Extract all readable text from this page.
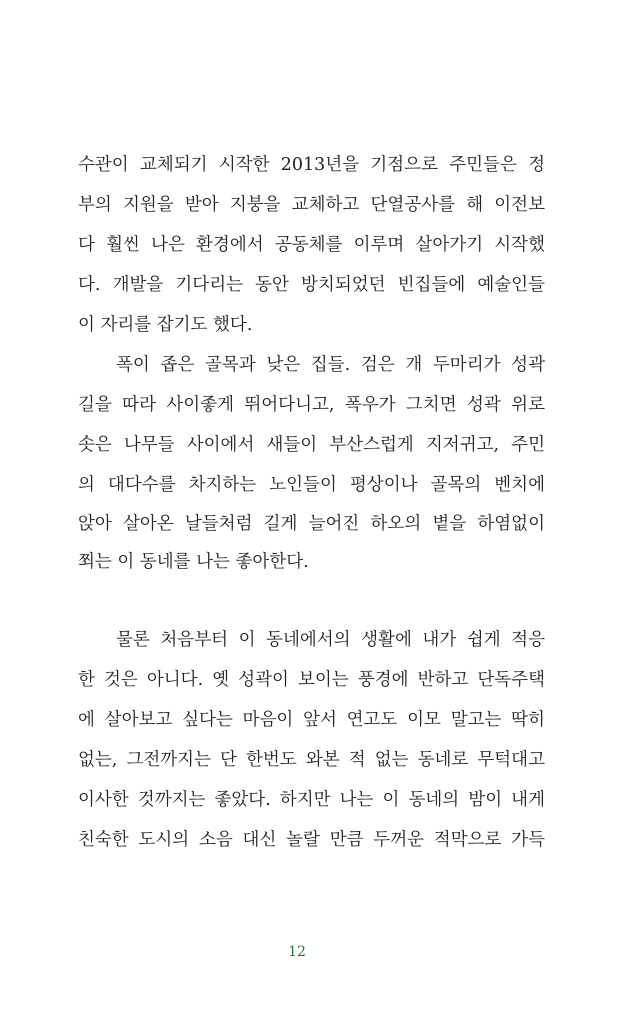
수관이 교체되기 시작한 2013년을 기점으로 주민들은 정
부의 지원을 받아 지붕을 교체하고 단열공사를 해 이전보
다 훨씬 나은 환경에서 공동체를 이루며 살아가기 시작했
다. 개발을 기다리는 동안 방치되었던 빈집들에 예술인들
이 자리를 잡기도 했다.
폭이 좁은 골목과 낮은 집들. 검은 개 두마리가 성곽
길을 따라 사이좋게 뛰어다니고, 폭우가 그치면 성곽 위로
솟은 나무들 사이에서 새들이 부산스럽게 지저귀고, 주민
의 대다수를 차지하는 노인들이 평상이나 골목의 벤치에
앉아 살아온 날들처럼 길게 늘어진 하오의 볕을 하염없이
쬐는 이 동네를 나는 좋아한다.
물론 처음부터 이 동네에서의 생활에 내가 쉽게 적응
한 것은 아니다. 옛 성곽이 보이는 풍경에 반하고 단독주택
에 살아보고 싶다는 마음이 앞서 연고도 이모 말고는 딱히
없는, 그전까지는 단 한번도 와본 적 없는 동네로 무턱대고
이사한 것까지는 좋았다. 하지만 나는 이 동네의 밤이 내게
친숙한 도시의 소음 대신 놀랄 만큼 두꺼운 적막으로 가득
12
